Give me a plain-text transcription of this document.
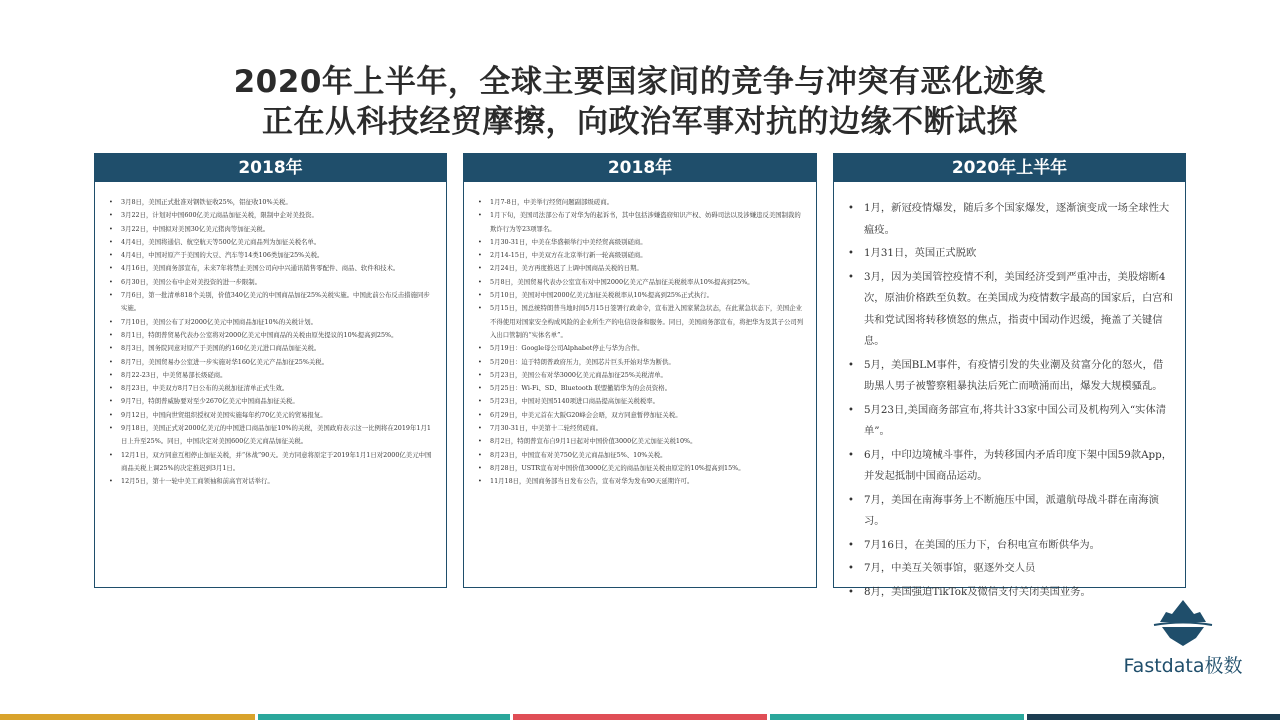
2020年上半年，全球主要国家间的竞争与冲突有恶化迹象
正在从科技经贸摩擦，向政治军事对抗的边缘不断试探
2018年
• 3月8日，美国正式批准对钢铁征收25%，铝征收10%关税。
• 3月22日，计划对中国600亿美元商品加征关税，限制中企对美投资。
• 3月22日，中国拟对美国30亿美元猪肉等加征关税。
• 4月4日，美国将通信、航空航天等500亿美元商品列为加征关税名单。
• 4月4日，中国对原产于美国的大豆、汽车等14类106类加征25%关税。
• 4月16日，美国商务部宣布，未来7年将禁止美国公司向中兴通讯销售零配件、商品、软件和技术。
• 6月30日，美国公布中企对美投资的进一步限制。
• 7月6日，第一批清单818个关别，价值340亿美元的中国商品加征25%关税实施。中国此前公布反击措施同步实施。
• 7月10日，美国公布了对2000亿美元中国商品加征10%的关税计划。
• 8月1日，特朗普贸易代表办公室将对2000亿美元中国商品的关税由原先提议的10%提高到25%。
• 8月3日，国务院同意对原产于美国的约160亿美元进口商品加征关税。
• 8月7日，美国贸易办公室进一步实施对华160亿美元产品加征25%关税。
• 8月22-23日，中美贸易部长级磋商。
• 8月23日，中美双方8月7日公布的关税加征清单正式生效。
• 9月7日，特朗普威胁要对至少2670亿美元中国商品加征关税。
• 9月12日，中国向世贸组织授权对美国实施每年约70亿美元的贸易报复。
• 9月18日，美国正式对2000亿美元的中国进口商品加征10%的关税，美国政府表示这一比例将在2019年1月1日上升至25%。同日，中国决定对美国600亿美元商品加征关税。
• 12月1日，双方同意互相停止加征关税，并“休战”90天。美方同意将原定于2019年1月1日对2000亿美元中国商品关税上调25%的决定推迟到3月1日。
• 12月5日，第十一轮中美工商领袖和前高官对话举行。
2018年
• 1月7-8日，中美举行经贸问题副部级磋商。
• 1月下旬，美国司法部公布了对华为的起诉书，其中包括涉嫌盗窃知识产权、妨碍司法以及涉嫌违反美国制裁的欺诈行为等23项罪名。
• 1月30-31日，中美在华盛顿举行中美经贸高级别磋商。
• 2月14-15日，中美双方在北京举行新一轮高级别磋商。
• 2月24日，美方再度推迟了上调中国商品关税的日期。
• 5月8日，美国贸易代表办公室宣布对中国2000亿美元产品加征关税税率从10%提高到25%。
• 5月10日，美国对中国2000亿美元加征关税税率从10%提高到25%正式执行。
• 5月15日，国总统特朗普当地时间5月15日签署行政命令，宣布进入国家紧急状态，在此紧急状态下，美国企业不得使用对国家安全构成风险的企业所生产的电信设备和服务。同日，美国商务部宣布，将把华为及其子公司列入出口管制的“实体名单”。
• 5月19日：Google母公司Alphabet停止与华为合作。
• 5月20日：迫于特朗普政府压力，美国芯片巨头开始对华为断供。
• 5月23日，美国公布对华3000亿美元商品加征25%关税清单。
• 5月25日：Wi-Fi、SD、Bluetooth 联盟撤销华为的会员资格。
• 5月23日，中国对美国5140项进口商品提高加征关税税率。
• 6月29日，中美元首在大阪G20峰会会晤，双方同意暂停加征关税。
• 7月30-31日，中美第十二轮经贸磋商。
• 8月2日，特朗普宣布自9月1日起对中国价值3000亿美元加征关税10%。
• 8月23日，中国宣布对美750亿美元商品加征5%、10%关税。
• 8月28日，USTR宣布对中国价值3000亿美元的商品加征关税由原定的10%提高到15%。
• 11月18日，美国商务部当日发布公告，宣布对华为发布90天延期许可。
2020年上半年
• 1月，新冠疫情爆发，随后多个国家爆发，逐渐演变成一场全球性大瘟疫。
• 1月31日，英国正式脱欧
• 3月，因为美国管控疫情不利，美国经济受到严重冲击，美股熔断4次，原油价格跌至负数。在美国成为疫情数字最高的国家后，白宫和共和党试图将转移愤怒的焦点，指责中国动作迟缓，掩盖了关键信息。
• 5月，美国BLM事件，有疫情引发的失业潮及贫富分化的怒火，借助黑人男子被警察粗暴执法后死亡而喷涌而出，爆发大规模骚乱。
• 5月23日,美国商务部宣布,将共计33家中国公司及机构列入“实体清单”。
• 6月，中印边境械斗事件，为转移国内矛盾印度下架中国59款App，并发起抵制中国商品运动。
• 7月，美国在南海事务上不断施压中国，派遣航母战斗群在南海演习。
• 7月16日，在美国的压力下，台积电宣布断供华为。
• 7月，中美互关领事馆，驱逐外交人员
• 8月，美国强迫TikTok及微信支付关闭美国业务。
Fastdata极数
